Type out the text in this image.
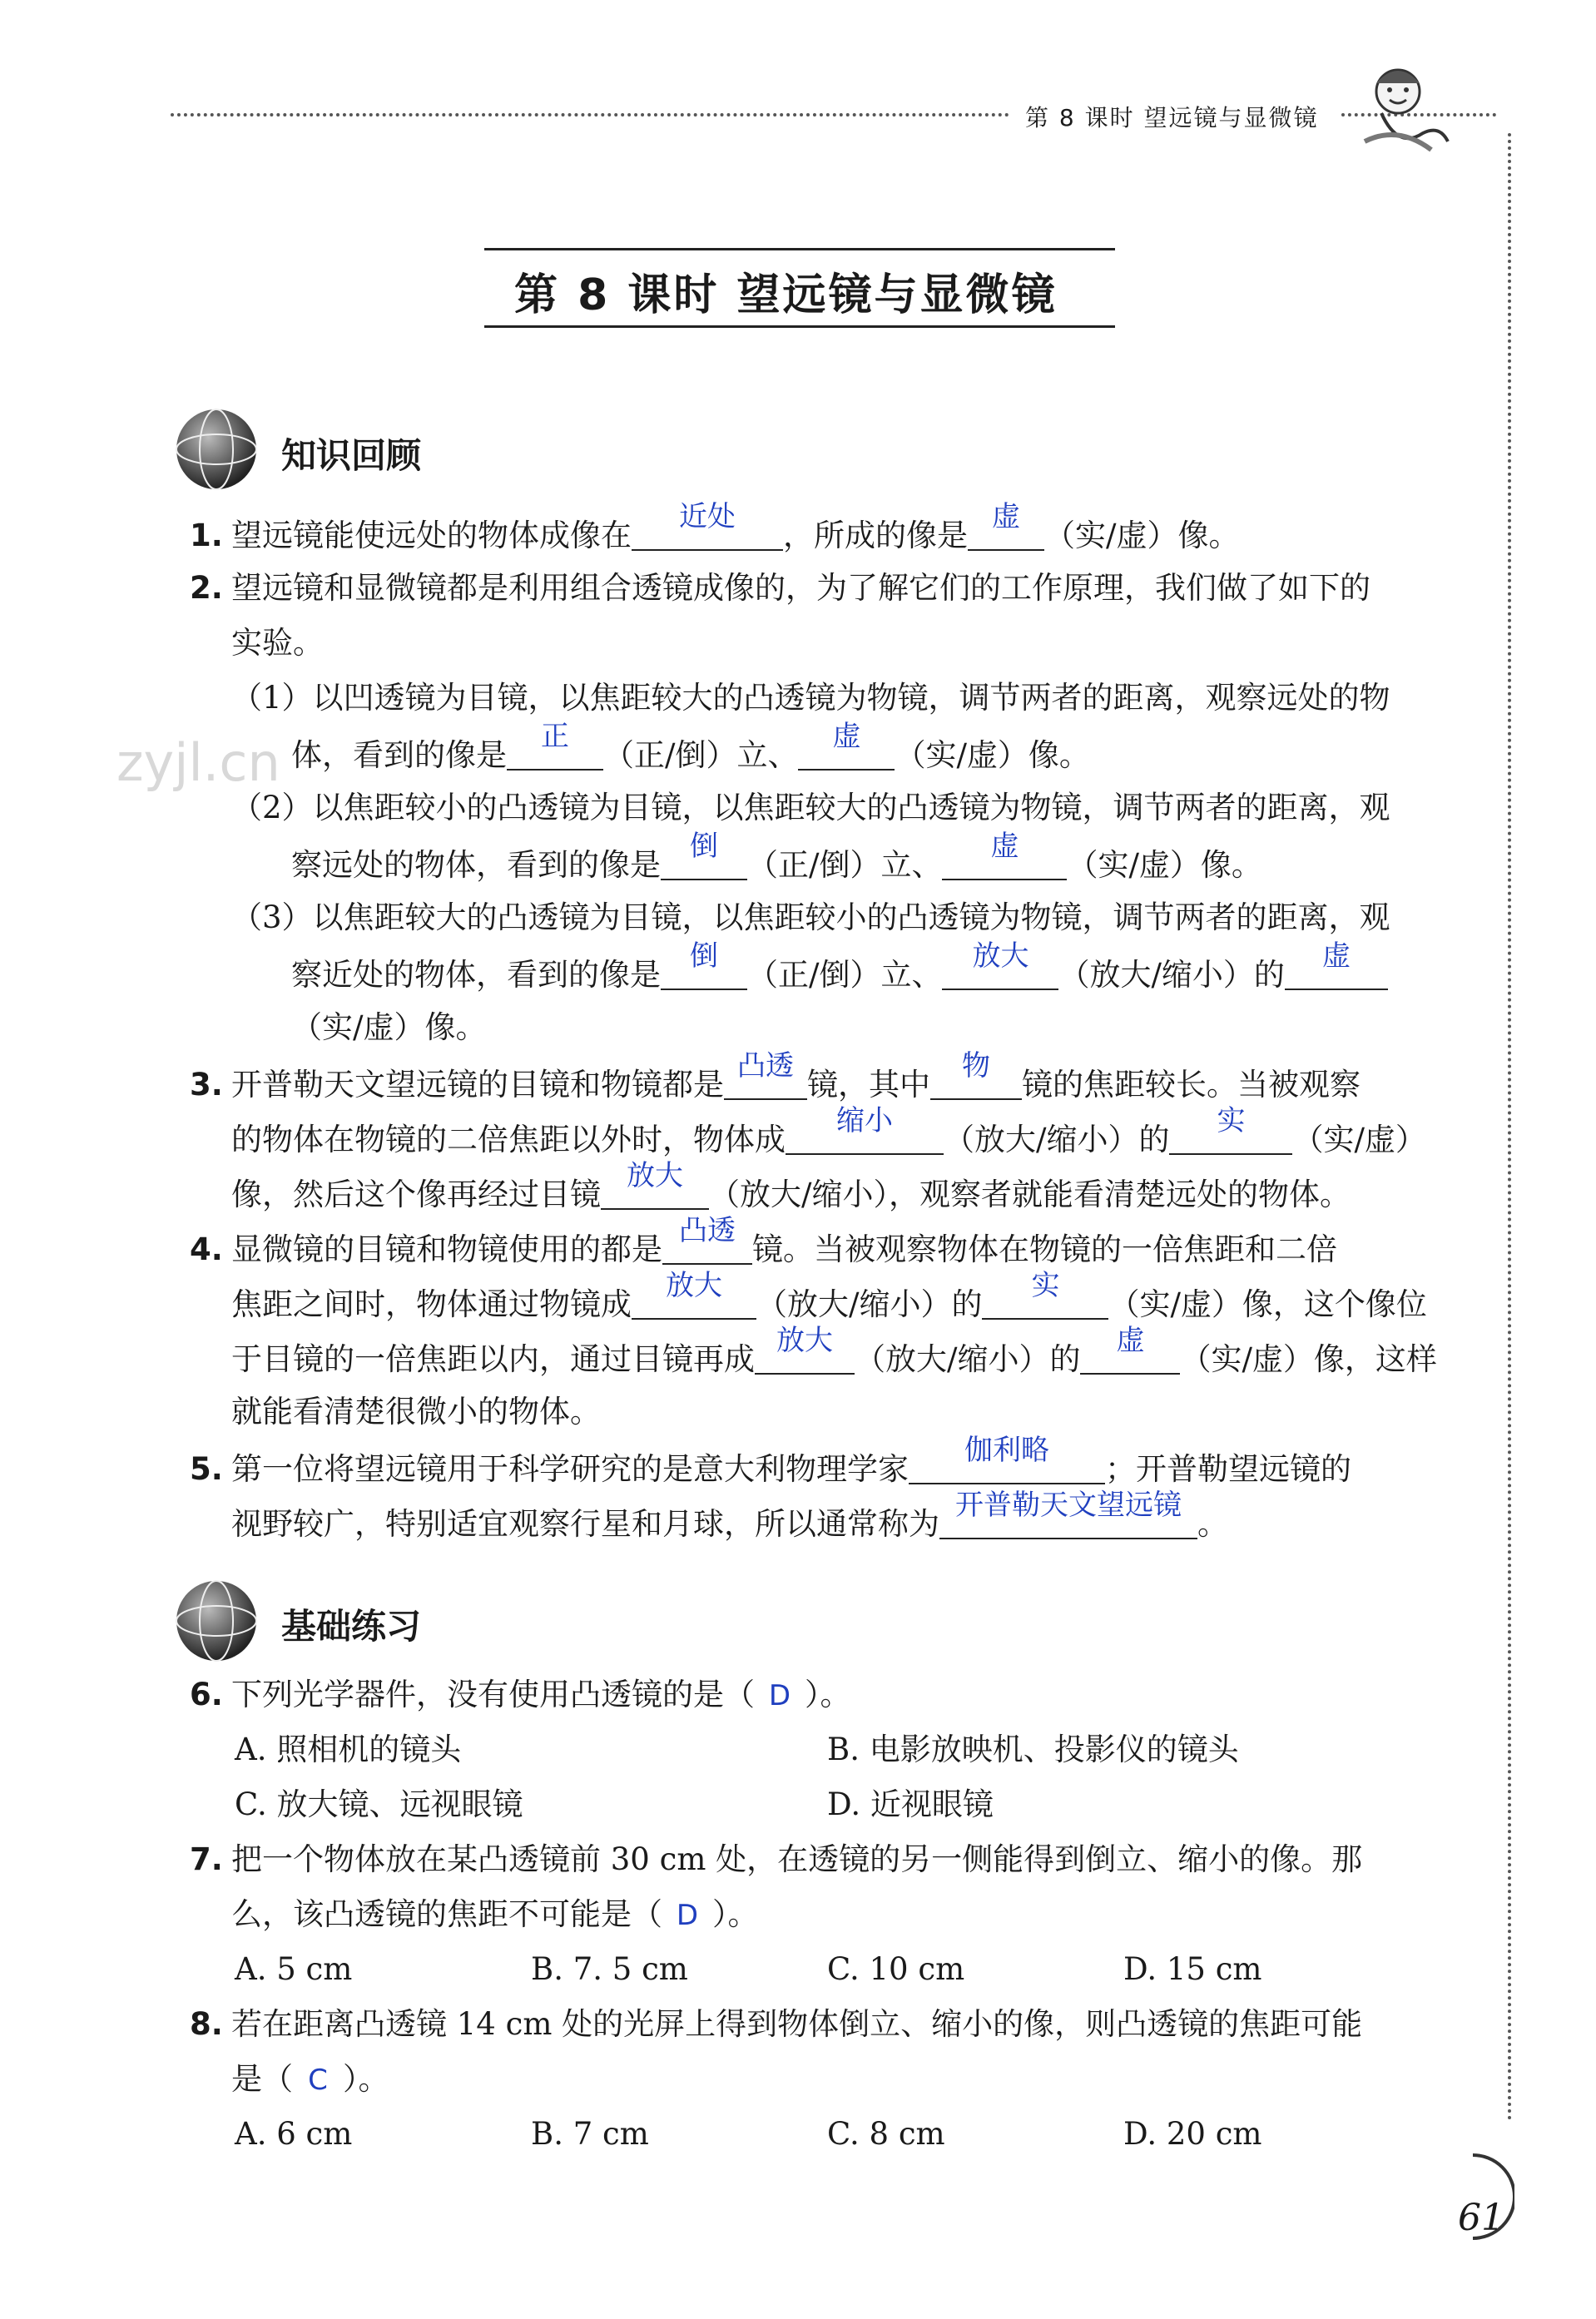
第 8 课时 望远镜与显微镜
第 8 课时 望远镜与显微镜
知识回顾
zyjl.cn
1. 望远镜能使远处的物体成像在
近处
，所成的像是
虚
（实/虚）像。
2. 望远镜和显微镜都是利用组合透镜成像的，为了解它们的工作原理，我们做了如下的
实验。
（1）以凹透镜为目镜，以焦距较大的凸透镜为物镜，调节两者的距离，观察远处的物
体，看到的像是
正
（正/倒）立、
虚
（实/虚）像。
（2）以焦距较小的凸透镜为目镜，以焦距较大的凸透镜为物镜，调节两者的距离，观
察远处的物体，看到的像是
倒
（正/倒）立、
虚
（实/虚）像。
（3）以焦距较大的凸透镜为目镜，以焦距较小的凸透镜为物镜，调节两者的距离，观
察近处的物体，看到的像是
倒
（正/倒）立、
放大
（放大/缩小）的
虚
（实/虚）像。
3. 开普勒天文望远镜的目镜和物镜都是
凸透
镜，其中
物
镜的焦距较长。当被观察
的物体在物镜的二倍焦距以外时，物体成
缩小
（放大/缩小）的
实
（实/虚）
像，然后这个像再经过目镜
放大
（放大/缩小），观察者就能看清楚远处的物体。
4. 显微镜的目镜和物镜使用的都是
凸透
镜。当被观察物体在物镜的一倍焦距和二倍
焦距之间时，物体通过物镜成
放大
（放大/缩小）的
实
（实/虚）像，这个像位
于目镜的一倍焦距以内，通过目镜再成
放大
（放大/缩小）的
虚
（实/虚）像，这样
就能看清楚很微小的物体。
5. 第一位将望远镜用于科学研究的是意大利物理学家
伽利略
；开普勒望远镜的
视野较广，特别适宜观察行星和月球，所以通常称为
开普勒天文望远镜
。
基础练习
6. 下列光学器件，没有使用凸透镜的是（ D ）。
A. 照相机的镜头	B. 电影放映机、投影仪的镜头
C. 放大镜、远视眼镜	D. 近视眼镜
7. 把一个物体放在某凸透镜前 30 cm 处，在透镜的另一侧能得到倒立、缩小的像。那
么，该凸透镜的焦距不可能是（ D ）。
A. 5 cm	B. 7. 5 cm	C. 10 cm	D. 15 cm
8. 若在距离凸透镜 14 cm 处的光屏上得到物体倒立、缩小的像，则凸透镜的焦距可能
是（ C ）。
A. 6 cm	B. 7 cm	C. 8 cm	D. 20 cm
61
